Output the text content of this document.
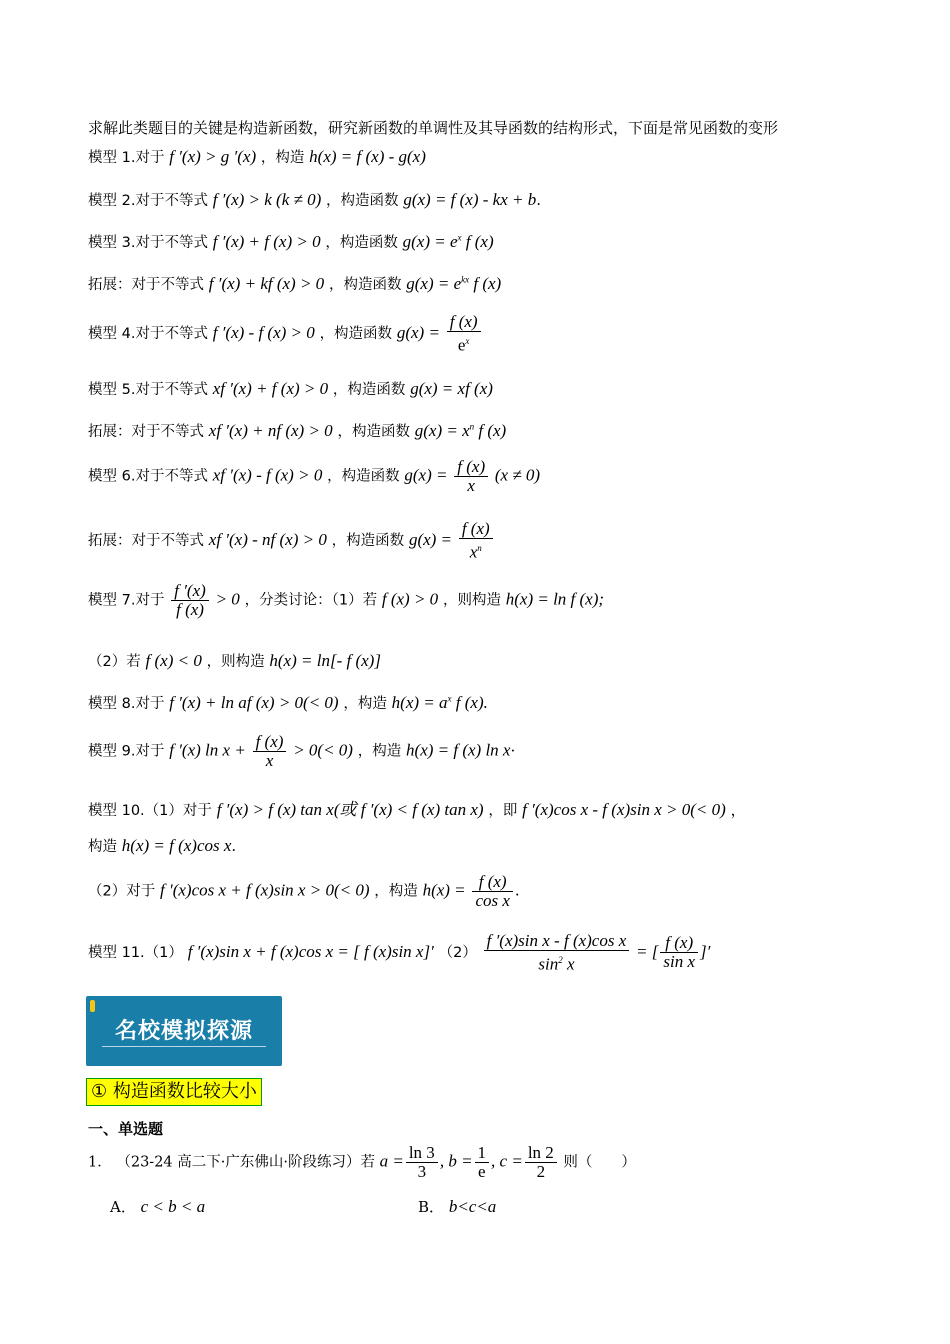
求解此类题目的关键是构造新函数，研究新函数的单调性及其导函数的结构形式，下面是常见函数的变形
模型 1.对于 f ′(x) > g ′(x) ，构造 h(x) = f (x) - g(x)
模型 2.对于不等式 f ′(x) > k (k ≠ 0) ，构造函数 g(x) = f (x) - kx + b.
模型 3.对于不等式 f ′(x) + f (x) > 0 ，构造函数 $g(x) = e^x$ f (x)
拓展：对于不等式 f ′(x) + kf (x) > 0 ，构造函数 $g(x) = e^{kx}$ f (x)
模型 4.对于不等式 f ′(x) - f (x) > 0 ，构造函数 $g(x) = \frac{f (x)}{e^x}$
模型 5.对于不等式 xf ′(x) + f (x) > 0 ，构造函数 g(x) = xf (x)
拓展：对于不等式 xf ′(x) + nf (x) > 0 ，构造函数 $g(x) = x^n$ f (x)
模型 6.对于不等式 xf ′(x) - f (x) > 0 ，构造函数 $g(x) = \frac{f (x)}{x} (x \ne 0)$
拓展：对于不等式 xf ′(x) - nf (x) > 0 ，构造函数 $g(x) = \frac{f (x)}{x^n}$
模型 7.对于 $\frac{f '(x)}{f (x)} > 0$ ，分类讨论：（1）若 f (x) > 0 ，则构造 h(x) = ln f (x);
（2）若 f (x) < 0 ，则构造 h(x) = ln[- f (x)]
模型 8.对于 f ′(x) + ln af (x) > 0(< 0) ，构造 $h(x) = a^x$ f (x).
模型 9.对于 f ′(x) $\ln x + \frac{f (x)}{x} > 0(< 0)$ ，构造 h(x) = f (x) ln x·
模型 10.（1）对于 f ′(x) > f (x) tan x(或 f ′(x) < f (x) tan x) ，即 f ′(x)cos x - f (x)sin x > 0(< 0) ，
构造 h(x) = f (x)cos x.
（2）对于 f ′(x)cos x + f (x)sin x > 0(< 0) ，构造 $h(x) = \frac{f (x)}{\text{cos x}}$ .
模型 11.（1） f ′(x)sin x + f (x)cos x = [ f (x)sin x]′ $(2) \frac{\text{f ′(x)sin x - f (x)cos x}}{\sin^2 x}$ = [ $\frac{f (x)}{\text{sin x}}$ ]′
名校模拟探源
① 构造函数比较大小
一、单选题
1． （23-24 高二下·广东佛山·阶段练习）若 $a = \frac{\ln 3}{3}$ , $b = \frac{1}{e}$ , $c = \frac{\ln 2}{2}$ 则（　　）
A． c < b < a	B． b<c<a
